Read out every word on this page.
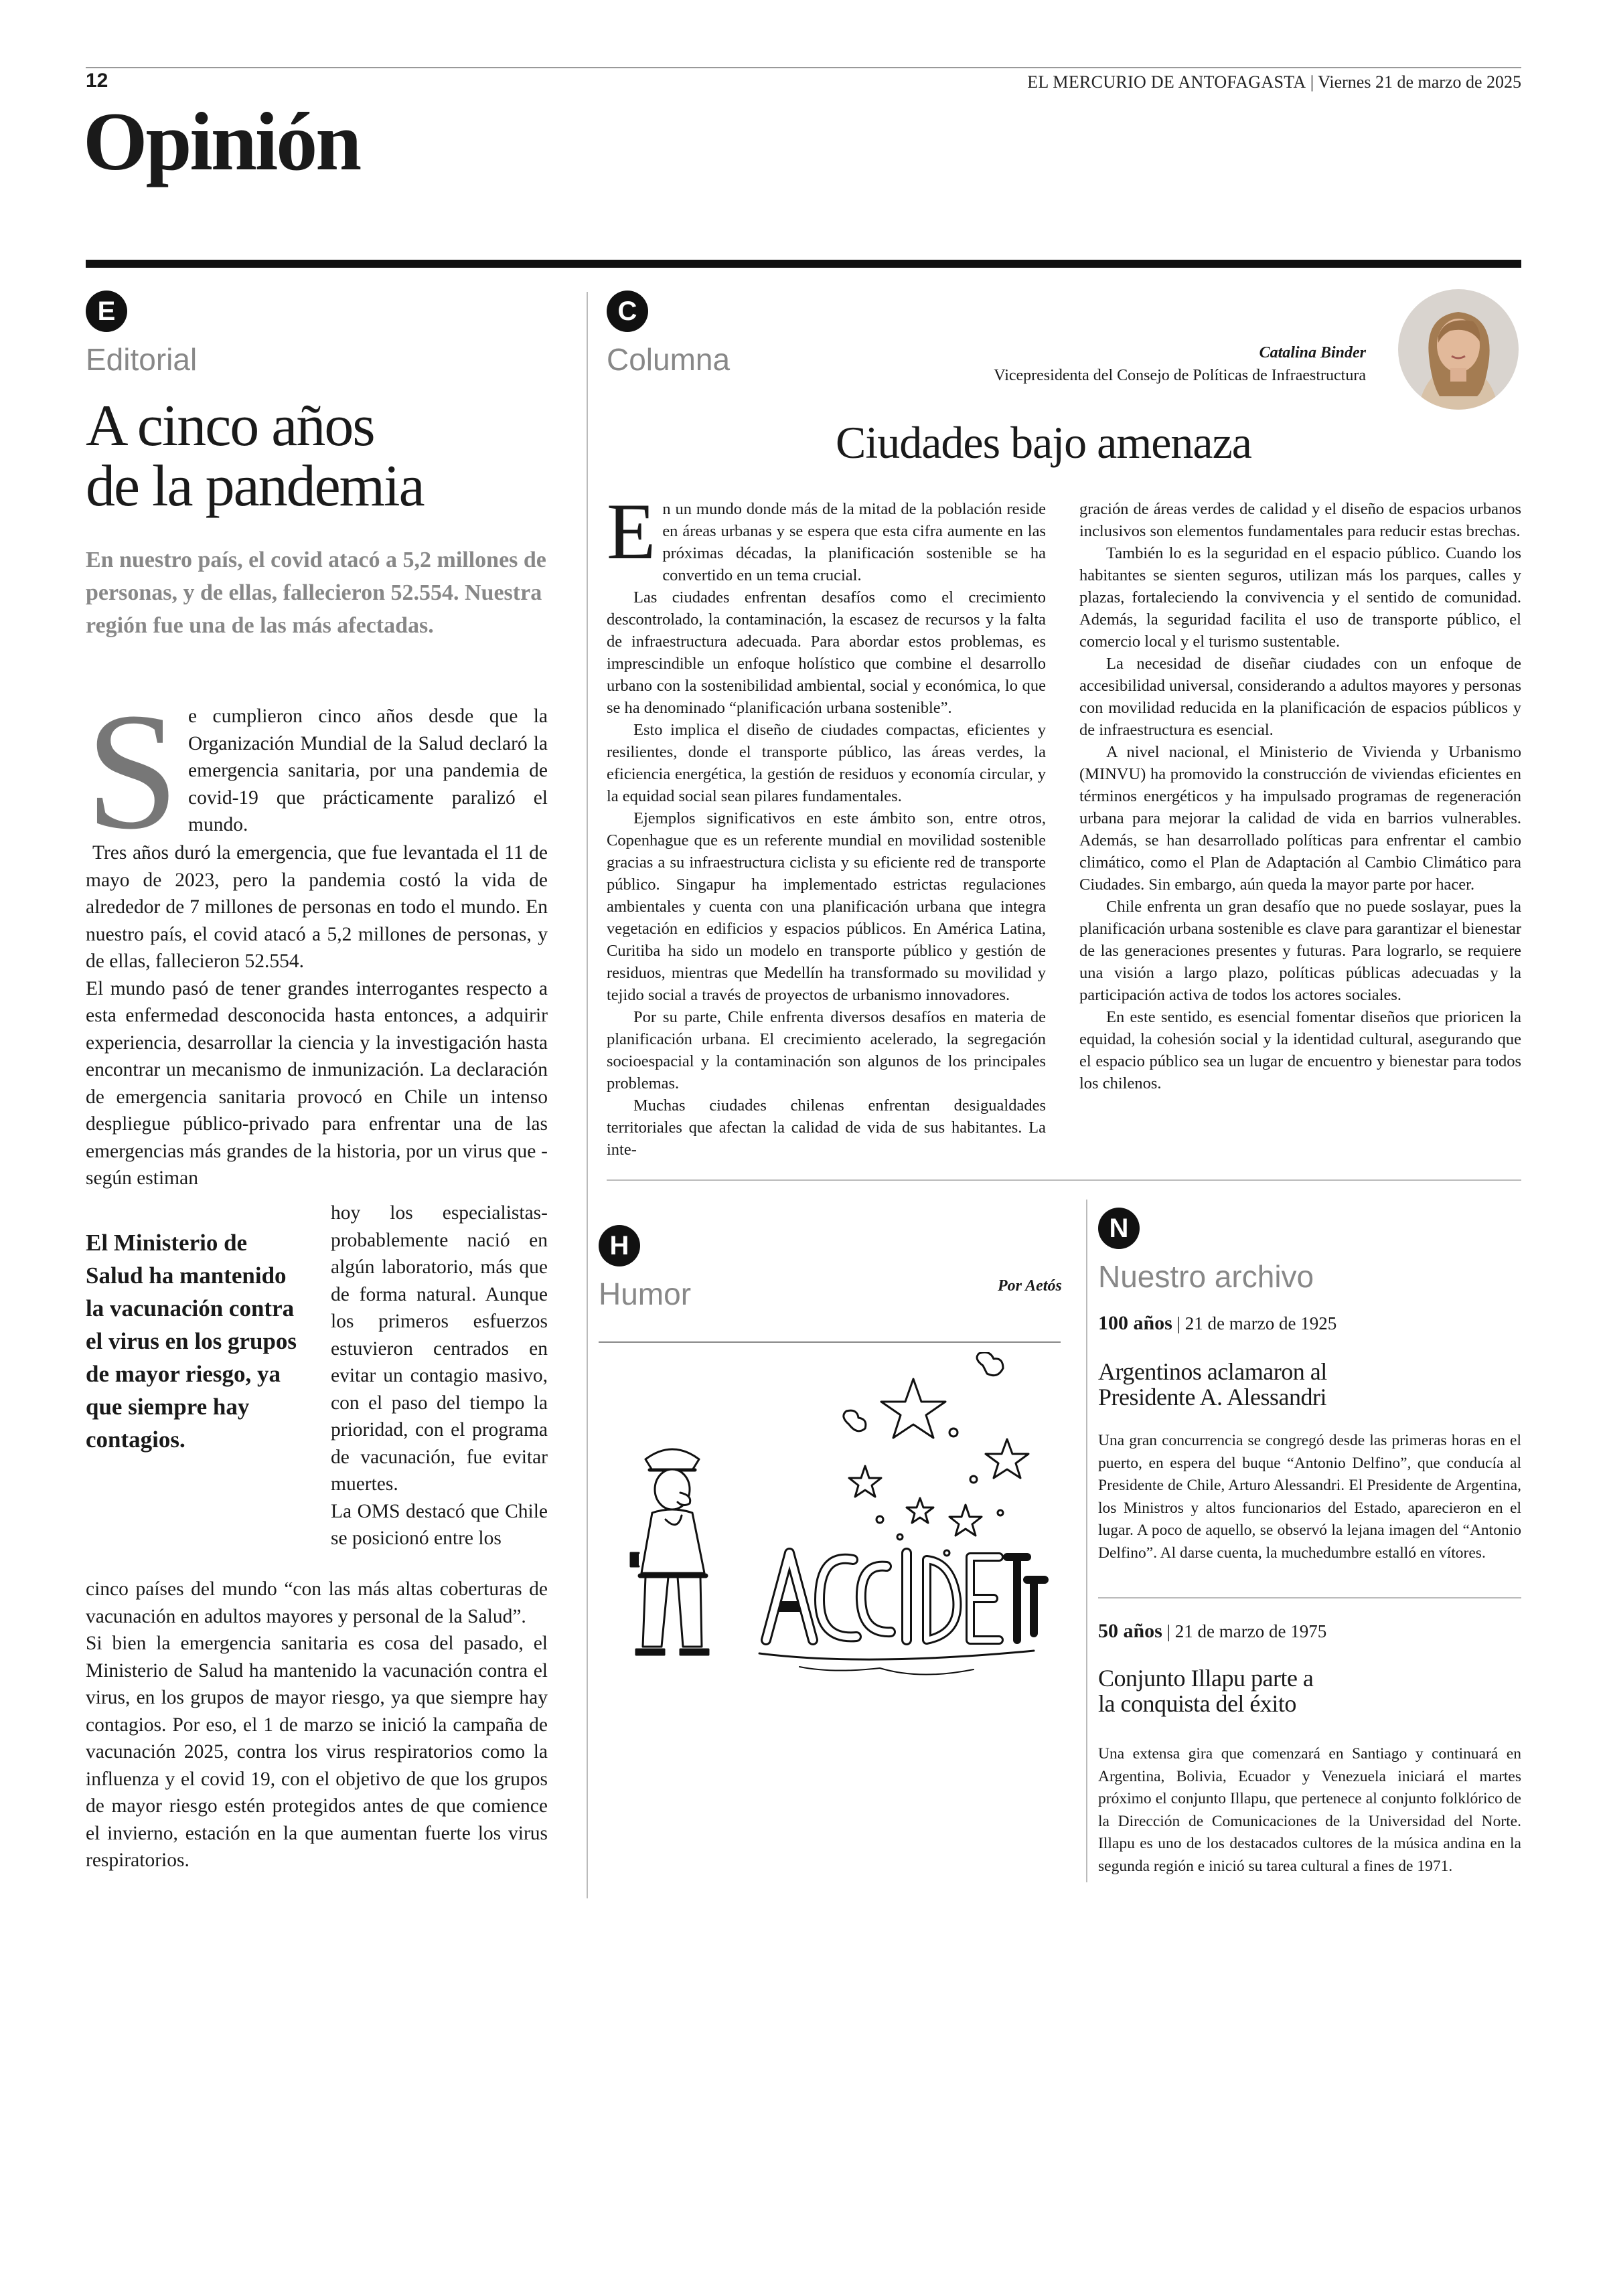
12	EL MERCURIO DE ANTOFAGASTA | Viernes 21 de marzo de 2025
Opinión
E
Editorial
A cinco años
de la pandemia
En nuestro país, el covid atacó a 5,2 millones de personas, y de ellas, fallecieron 52.554. Nuestra región fue una de las más afectadas.
S e cumplieron cinco años desde que la Organización Mundial de la Salud declaró la emergencia sanitaria, por una pandemia de covid-19 que prácticamente paralizó el mundo.

Tres años duró la emergencia, que fue levantada el 11 de mayo de 2023, pero la pandemia costó la vida de alrededor de 7 millones de personas en todo el mundo. En nuestro país, el covid atacó a 5,2 millones de personas, y de ellas, fallecieron 52.554.

El mundo pasó de tener grandes interrogantes respecto a esta enfermedad desconocida hasta entonces, a adquirir experiencia, desarrollar la ciencia y la investigación hasta encontrar un mecanismo de inmunización. La declaración de emergencia sanitaria provocó en Chile un intenso despliegue público-privado para enfrentar una de las emergencias más grandes de la historia, por un virus que -según estiman

El Ministerio de Salud ha mantenido la vacunación contra el virus en los grupos de mayor riesgo, ya que siempre hay contagios.

hoy los especialistas- probablemente nació en algún laboratorio, más que de forma natural. Aunque los primeros esfuerzos estuvieron centrados en evitar un contagio masivo, con el paso del tiempo la prioridad, con el programa de vacunación, fue evitar muertes.

La OMS destacó que Chile se posicionó entre los

cinco países del mundo “con las más altas coberturas de vacunación en adultos mayores y personal de la Salud”.

Si bien la emergencia sanitaria es cosa del pasado, el Ministerio de Salud ha mantenido la vacunación contra el virus, en los grupos de mayor riesgo, ya que siempre hay contagios. Por eso, el 1 de marzo se inició la campaña de vacunación 2025, contra los virus respiratorios como la influenza y el covid 19, con el objetivo de que los grupos de mayor riesgo estén protegidos antes de que comience el invierno, estación en la que aumentan fuerte los virus respiratorios.

C
Columna	Catalina Binder
Vicepresidenta del Consejo de Políticas de Infraestructura
Ciudades bajo amenaza
E n un mundo donde más de la mitad de la población reside en áreas urbanas y se espera que esta cifra aumente en las próximas décadas, la planificación sostenible se ha convertido en un tema crucial.

Las ciudades enfrentan desafíos como el crecimiento descontrolado, la contaminación, la escasez de recursos y la falta de infraestructura adecuada. Para abordar estos problemas, es imprescindible un enfoque holístico que combine el desarrollo urbano con la sostenibilidad ambiental, social y económica, lo que se ha denominado “planificación urbana sostenible”.

Esto implica el diseño de ciudades compactas, eficientes y resilientes, donde el transporte público, las áreas verdes, la eficiencia energética, la gestión de residuos y economía circular, y la equidad social sean pilares fundamentales.

Ejemplos significativos en este ámbito son, entre otros, Copenhague que es un referente mundial en movilidad sostenible gracias a su infraestructura ciclista y su eficiente red de transporte público. Singapur ha implementado estrictas regulaciones ambientales y cuenta con una planificación urbana que integra vegetación en edificios y espacios públicos. En América Latina, Curitiba ha sido un modelo en transporte público y gestión de residuos, mientras que Medellín ha transformado su movilidad y tejido social a través de proyectos de urbanismo innovadores.

Por su parte, Chile enfrenta diversos desafíos en materia de planificación urbana. El crecimiento acelerado, la segregación socioespacial y la contaminación son algunos de los principales problemas.

Muchas ciudades chilenas enfrentan desigualdades territoriales que afectan la calidad de vida de sus habitantes. La inte-

gración de áreas verdes de calidad y el diseño de espacios urbanos inclusivos son elementos fundamentales para reducir estas brechas.

También lo es la seguridad en el espacio público. Cuando los habitantes se sienten seguros, utilizan más los parques, calles y plazas, fortaleciendo la convivencia y el sentido de comunidad. Además, la seguridad facilita el uso de transporte público, el comercio local y el turismo sustentable.

La necesidad de diseñar ciudades con un enfoque de accesibilidad universal, considerando a adultos mayores y personas con movilidad reducida en la planificación de espacios públicos y de infraestructura es esencial.

A nivel nacional, el Ministerio de Vivienda y Urbanismo (MINVU) ha promovido la construcción de viviendas eficientes en términos energéticos y ha impulsado programas de regeneración urbana para mejorar la calidad de vida en barrios vulnerables. Además, se han desarrollado políticas para enfrentar el cambio climático, como el Plan de Adaptación al Cambio Climático para Ciudades. Sin embargo, aún queda la mayor parte por hacer.

Chile enfrenta un gran desafío que no puede soslayar, pues la planificación urbana sostenible es clave para garantizar el bienestar de las generaciones presentes y futuras. Para lograrlo, se requiere una visión a largo plazo, políticas públicas adecuadas y la participación activa de todos los actores sociales.

En este sentido, es esencial fomentar diseños que prioricen la equidad, la cohesión social y la identidad cultural, asegurando que el espacio público sea un lugar de encuentro y bienestar para todos los chilenos.

H
Humor	Por Aetós
N
Nuestro archivo
100 años | 21 de marzo de 1925
Argentinos aclamaron al
Presidente A. Alessandri
Una gran concurrencia se congregó desde las primeras horas en el puerto, en espera del buque “Antonio Delfino”, que conducía al Presidente de Chile, Arturo Alessandri. El Presidente de Argentina, los Ministros y altos funcionarios del Estado, aparecieron en el lugar. A poco de aquello, se observó la lejana imagen del “Antonio Delfino”. Al darse cuenta, la muchedumbre estalló en vítores.
50 años | 21 de marzo de 1975
Conjunto Illapu parte a
la conquista del éxito
Una extensa gira que comenzará en Santiago y continuará en Argentina, Bolivia, Ecuador y Venezuela iniciará el martes próximo el conjunto Illapu, que pertenece al conjunto folklórico de la Dirección de Comunicaciones de la Universidad del Norte. Illapu es uno de los destacados cultores de la música andina en la segunda región e inició su tarea cultural a fines de 1971.
